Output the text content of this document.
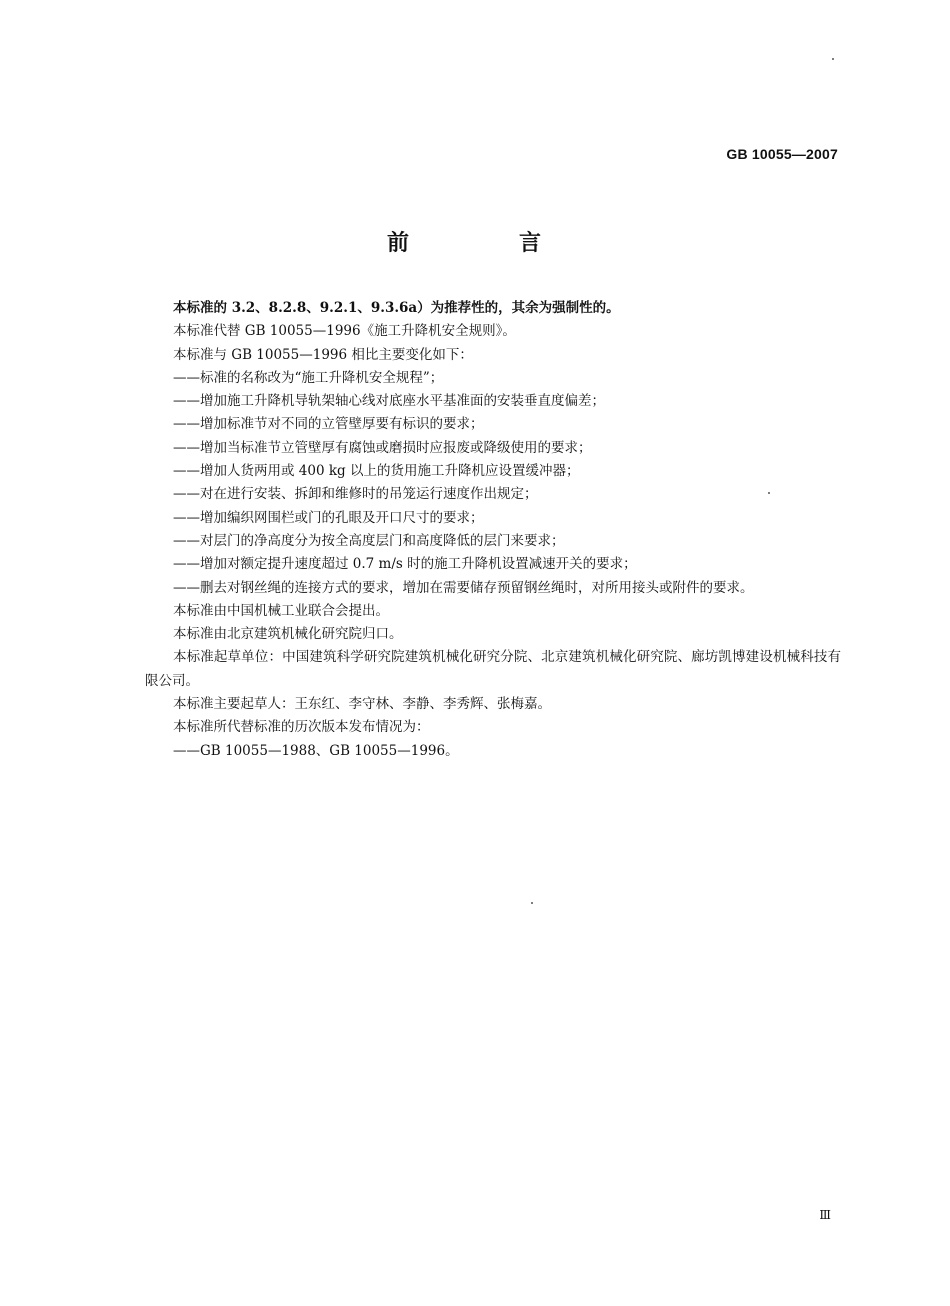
GB 10055—2007
前　言

本标准的 3.2、8.2.8、9.2.1、9.3.6a）为推荐性的，其余为强制性的。

本标准代替 GB 10055—1996《施工升降机安全规则》。

本标准与 GB 10055—1996 相比主要变化如下：

——标准的名称改为“施工升降机安全规程”；

——增加施工升降机导轨架轴心线对底座水平基准面的安装垂直度偏差；

——增加标准节对不同的立管壁厚要有标识的要求；

——增加当标准节立管壁厚有腐蚀或磨损时应报废或降级使用的要求；

——增加人货两用或 400 kg 以上的货用施工升降机应设置缓冲器；

——对在进行安装、拆卸和维修时的吊笼运行速度作出规定；

——增加编织网围栏或门的孔眼及开口尺寸的要求；

——对层门的净高度分为按全高度层门和高度降低的层门来要求；

——增加对额定提升速度超过 0.7 m/s 时的施工升降机设置减速开关的要求；

——删去对钢丝绳的连接方式的要求，增加在需要储存预留钢丝绳时，对所用接头或附件的要求。

本标准由中国机械工业联合会提出。

本标准由北京建筑机械化研究院归口。

本标准起草单位：中国建筑科学研究院建筑机械化研究分院、北京建筑机械化研究院、廊坊凯博建设机械科技有限公司。

本标准主要起草人：王东红、李守林、李静、李秀辉、张梅嘉。

本标准所代替标准的历次版本发布情况为：

——GB 10055—1988、GB 10055—1996。

Ⅲ
